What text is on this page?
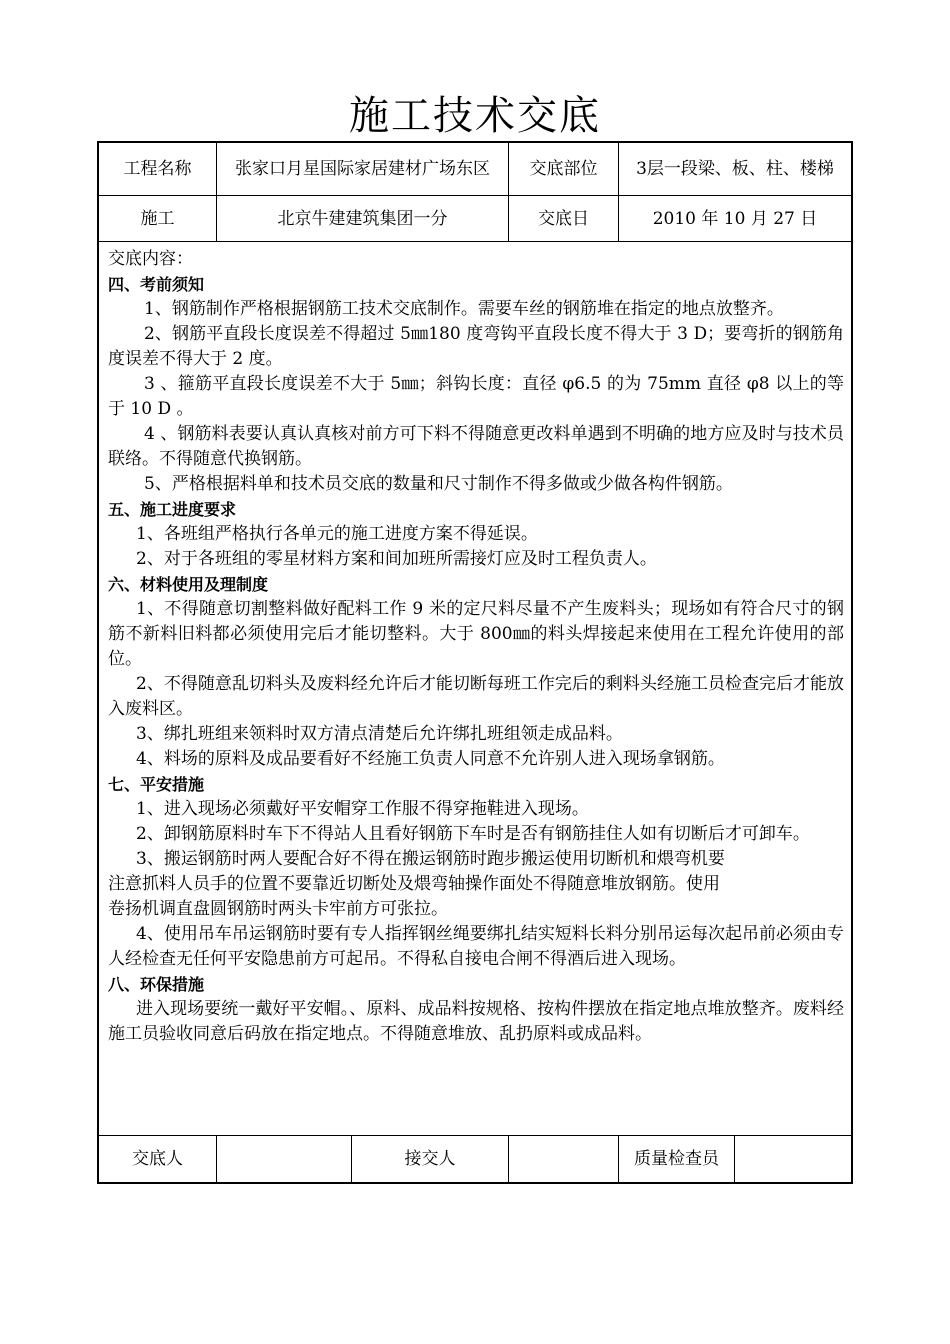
施工技术交底
工程名称	张家口月星国际家居建材广场东区	交底部位	3层一段梁、板、柱、楼梯
施工	北京牛建建筑集团一分	交底日	2010 年 10 月 27 日

交底内容：

四、考前须知

1、钢筋制作严格根据钢筋工技术交底制作。需要车丝的钢筋堆在指定的地点放整齐。

2、钢筋平直段长度误差不得超过 5㎜180 度弯钩平直段长度不得大于 3 D；要弯折的钢筋角度误差不得大于 2 度。

3 、箍筋平直段长度误差不大于 5㎜；斜钩长度：直径 φ6.5 的为 75mm 直径 φ8 以上的等于 10 D 。

4 、钢筋料表要认真认真核对前方可下料不得随意更改料单遇到不明确的地方应及时与技术员联络。不得随意代换钢筋。

5、严格根据料单和技术员交底的数量和尺寸制作不得多做或少做各构件钢筋。

五、施工进度要求

1、各班组严格执行各单元的施工进度方案不得延误。

2、对于各班组的零星材料方案和间加班所需接灯应及时工程负责人。

六、材料使用及理制度

1、不得随意切割整料做好配料工作 9 米的定尺料尽量不产生废料头；现场如有符合尺寸的钢筋不新料旧料都必须使用完后才能切整料。大于 800㎜的料头焊接起来使用在工程允许使用的部位。

2、不得随意乱切料头及废料经允许后才能切断每班工作完后的剩料头经施工员检查完后才能放入废料区。

3、绑扎班组来领料时双方清点清楚后允许绑扎班组领走成品料。

4、料场的原料及成品要看好不经施工负责人同意不允许别人进入现场拿钢筋。

七、平安措施

1、进入现场必须戴好平安帽穿工作服不得穿拖鞋进入现场。

2、卸钢筋原料时车下不得站人且看好钢筋下车时是否有钢筋挂住人如有切断后才可卸车。

3、搬运钢筋时两人要配合好不得在搬运钢筋时跑步搬运使用切断机和煨弯机要

注意抓料人员手的位置不要靠近切断处及煨弯轴操作面处不得随意堆放钢筋。使用

卷扬机调直盘圆钢筋时两头卡牢前方可张拉。

4、使用吊车吊运钢筋时要有专人指挥钢丝绳要绑扎结实短料长料分别吊运每次起吊前必须由专人经检查无任何平安隐患前方可起吊。不得私自接电合闸不得酒后进入现场。

八、环保措施

进入现场要统一戴好平安帽。、原料、成品料按规格、按构件摆放在指定地点堆放整齐。废料经施工员验收同意后码放在指定地点。不得随意堆放、乱扔原料或成品料。

交底人	接交人	质量检查员
